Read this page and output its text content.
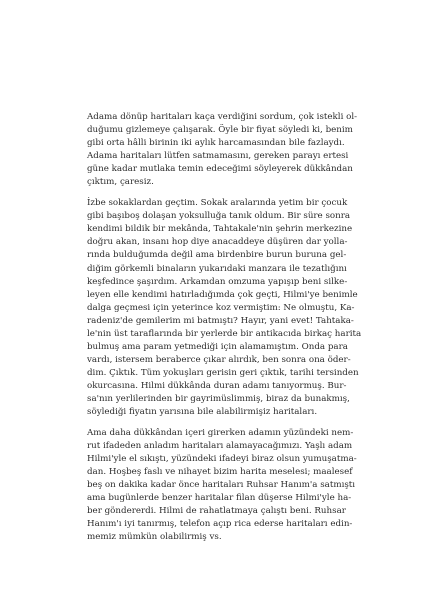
Adama dönüp haritaları kaça verdiğini sordum, çok istekli ol-
duğumu gizlemeye çalışarak. Öyle bir fiyat söyledi ki, benim
gibi orta hâlli birinin iki aylık harcamasından bile fazlaydı.
Adama haritaları lütfen satmamasını, gereken parayı ertesi
güne kadar mutlaka temin edeceğimi söyleyerek dükkândan
çıktım, çaresiz.
İzbe sokaklardan geçtim. Sokak aralarında yetim bir çocuk
gibi başıboş dolaşan yoksulluğa tanık oldum. Bir süre sonra
kendimi bildik bir mekânda, Tahtakale'nin şehrin merkezine
doğru akan, insanı hop diye anacaddeye düşüren dar yolla-
rında bulduğumda değil ama birdenbire burun buruna gel-
diğim görkemli binaların yukarıdaki manzara ile tezatlığını
keşfedince şaşırdım. Arkamdan omzuma yapışıp beni silke-
leyen elle kendimi hatırladığımda çok geçti, Hilmi'ye benimle
dalga geçmesi için yeterince koz vermiştim: Ne olmuştu, Ka-
radeniz'de gemilerim mi batmıştı? Hayır, yani evet! Tahtaka-
le'nin üst taraflarında bir yerlerde bir antikacıda birkaç harita
bulmuş ama param yetmediği için alamamıştım. Onda para
vardı, istersem beraberce çıkar alırdık, ben sonra ona öder-
dim. Çıktık. Tüm yokuşları gerisin geri çıktık, tarihi tersinden
okurcasına. Hilmi dükkânda duran adamı tanıyormuş. Bur-
sa'nın yerlilerinden bir gayrimüslimmiş, biraz da bunakmış,
söylediği fiyatın yarısına bile alabilirmişiz haritaları.
Ama daha dükkândan içeri girerken adamın yüzündeki nem-
rut ifadeden anladım haritaları alamayacağımızı. Yaşlı adam
Hilmi'yle el sıkıştı, yüzündeki ifadeyi biraz olsun yumuşatma-
dan. Hoşbeş faslı ve nihayet bizim harita meselesi; maalesef
beş on dakika kadar önce haritaları Ruhsar Hanım'a satmıştı
ama bugünlerde benzer haritalar filan düşerse Hilmi'yle ha-
ber göndererdi. Hilmi de rahatlatmaya çalıştı beni. Ruhsar
Hanım'ı iyi tanırmış, telefon açıp rica ederse haritaları edin-
memiz mümkün olabilirmiş vs.
